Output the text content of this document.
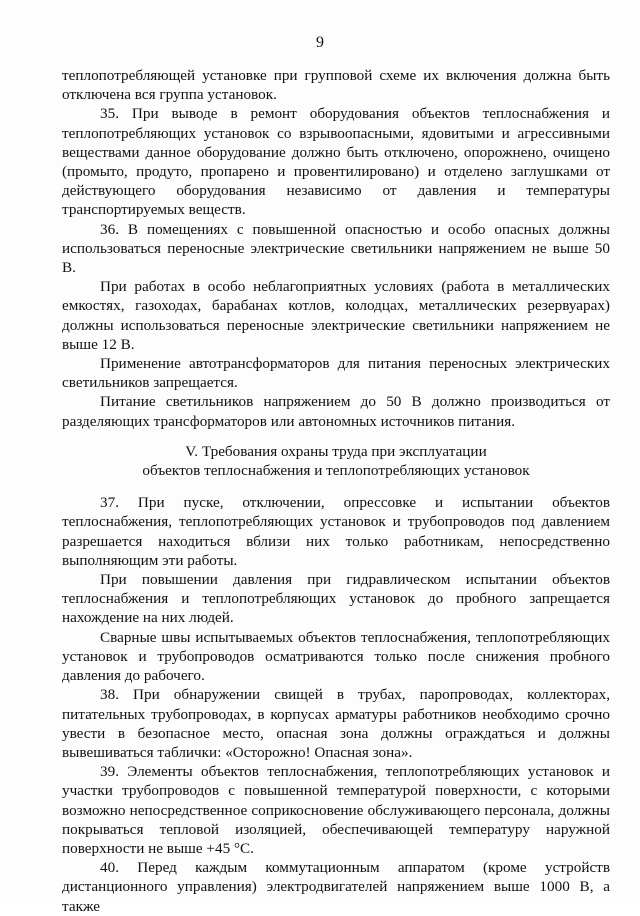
9

теплопотребляющей установке при групповой схеме их включения должна быть отключена вся группа установок.

35. При выводе в ремонт оборудования объектов теплоснабжения и теплопотребляющих установок со взрывоопасными, ядовитыми и агрессивными веществами данное оборудование должно быть отключено, опорожнено, очищено (промыто, продуто, пропарено и провентилировано) и отделено заглушками от действующего оборудования независимо от давления и температуры транспортируемых веществ.

36. В помещениях с повышенной опасностью и особо опасных должны использоваться переносные электрические светильники напряжением не выше 50 В.

При работах в особо неблагоприятных условиях (работа в металлических емкостях, газоходах, барабанах котлов, колодцах, металлических резервуарах) должны использоваться переносные электрические светильники напряжением не выше 12 В.

Применение автотрансформаторов для питания переносных электрических светильников запрещается.

Питание светильников напряжением до 50 В должно производиться от разделяющих трансформаторов или автономных источников питания.

V. Требования охраны труда при эксплуатации
объектов теплоснабжения и теплопотребляющих установок

37. При пуске, отключении, опрессовке и испытании объектов теплоснабжения, теплопотребляющих установок и трубопроводов под давлением разрешается находиться вблизи них только работникам, непосредственно выполняющим эти работы.

При повышении давления при гидравлическом испытании объектов теплоснабжения и теплопотребляющих установок до пробного запрещается нахождение на них людей.

Сварные швы испытываемых объектов теплоснабжения, теплопотребляющих установок и трубопроводов осматриваются только после снижения пробного давления до рабочего.

38. При обнаружении свищей в трубах, паропроводах, коллекторах, питательных трубопроводах, в корпусах арматуры работников необходимо срочно увести в безопасное место, опасная зона должны ограждаться и должны вывешиваться таблички: «Осторожно! Опасная зона».

39. Элементы объектов теплоснабжения, теплопотребляющих установок и участки трубопроводов с повышенной температурой поверхности, с которыми возможно непосредственное соприкосновение обслуживающего персонала, должны покрываться тепловой изоляцией, обеспечивающей температуру наружной поверхности не выше +45 °С.

40. Перед каждым коммутационным аппаратом (кроме устройств дистанционного управления) электродвигателей напряжением выше 1000 В, а также
